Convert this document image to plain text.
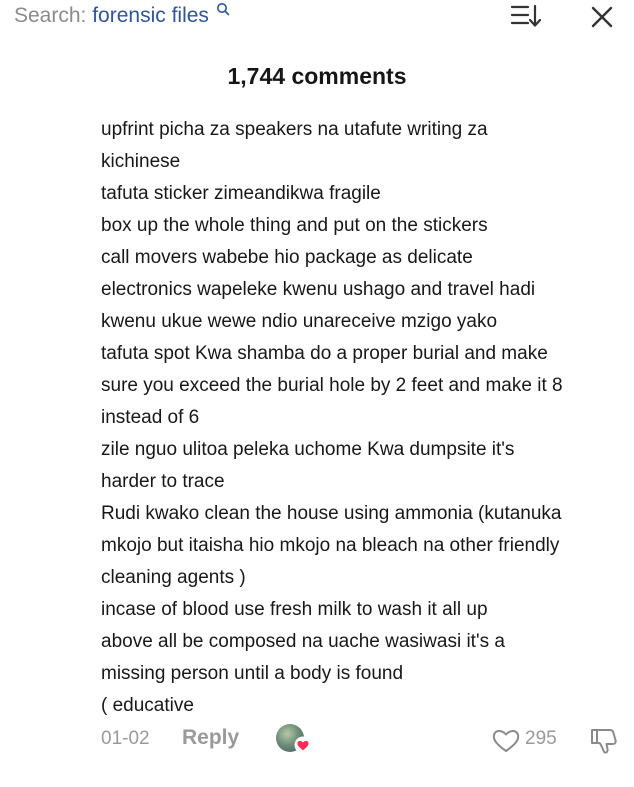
Search: forensic files
1,744 comments
upfrint picha za speakers na utafute writing za
kichinese
tafuta sticker zimeandikwa fragile
box up the whole thing and put on the stickers
call movers wabebe hio package as delicate
electronics wapeleke kwenu ushago and travel hadi
kwenu ukue wewe ndio unareceive mzigo yako
tafuta spot Kwa shamba do a proper burial and make
sure you exceed the burial hole by 2 feet and make it 8
instead of 6
zile nguo ulitoa peleka uchome Kwa dumpsite it's
harder to trace
Rudi kwako clean the house using ammonia (kutanuka
mkojo but itaisha hio mkojo na bleach na other friendly
cleaning agents )
incase of blood use fresh milk to wash it all up
above all be composed na uache wasiwasi it's a
missing person until a body is found
( educative
01-02 Reply	295
